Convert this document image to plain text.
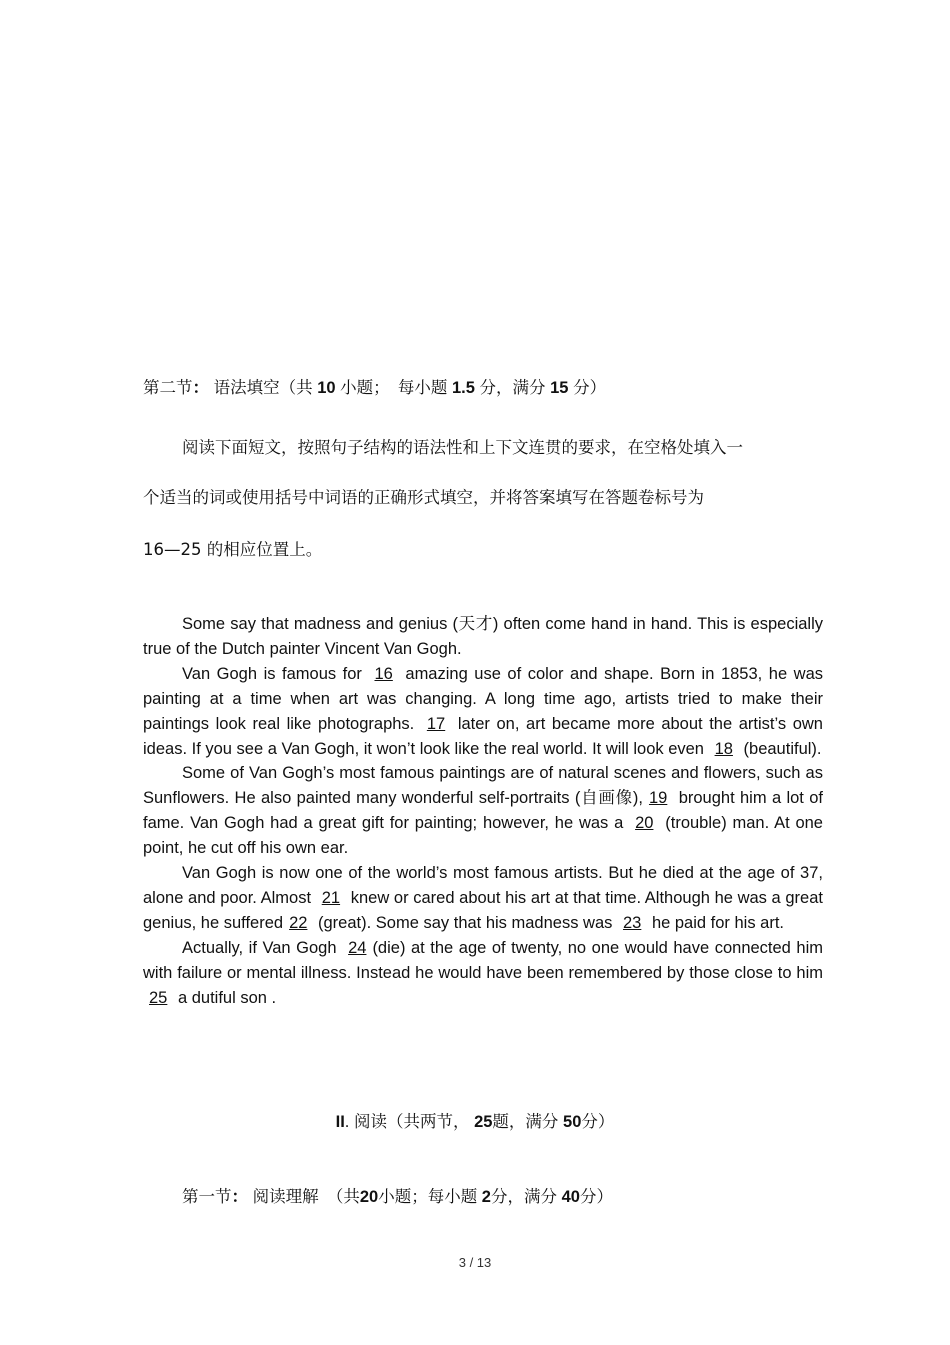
第二节： 语法填空（共 10 小题；　每小题 1.5 分，满分 15 分）
阅读下面短文，按照句子结构的语法性和上下文连贯的要求，在空格处填入一
个适当的词或使用括号中词语的正确形式填空，并将答案填写在答题卷标号为
16—25 的相应位置上。

Some say that madness and genius (天才) often come hand in hand. This is especially true of the Dutch painter Vincent Van Gogh.

Van Gogh is famous for 16 amazing use of color and shape. Born in 1853, he was painting at a time when art was changing. A long time ago, artists tried to make their paintings look real like photographs. 17 later on, art became more about the artist’s own ideas. If you see a Van Gogh, it won’t look like the real world. It will look even 18 (beautiful).

Some of Van Gogh’s most famous paintings are of natural scenes and flowers, such as Sunflowers. He also painted many wonderful self-portraits (自画像), 19 brought him a lot of fame. Van Gogh had a great gift for painting; however, he was a 20 (trouble) man. At one point, he cut off his own ear.

Van Gogh is now one of the world’s most famous artists. But he died at the age of 37, alone and poor. Almost 21 knew or cared about his art at that time. Although he was a great genius, he suffered 22 (great). Some say that his madness was 23 he paid for his art.

Actually, if Van Gogh 24 (die) at the age of twenty, no one would have connected him with failure or mental illness. Instead he would have been remembered by those close to him 25 a dutiful son .

II. 阅读（共两节， 25题，满分 50分）
第一节： 阅读理解　（共20小题；每小题 2分，满分 40分）
3 / 13
